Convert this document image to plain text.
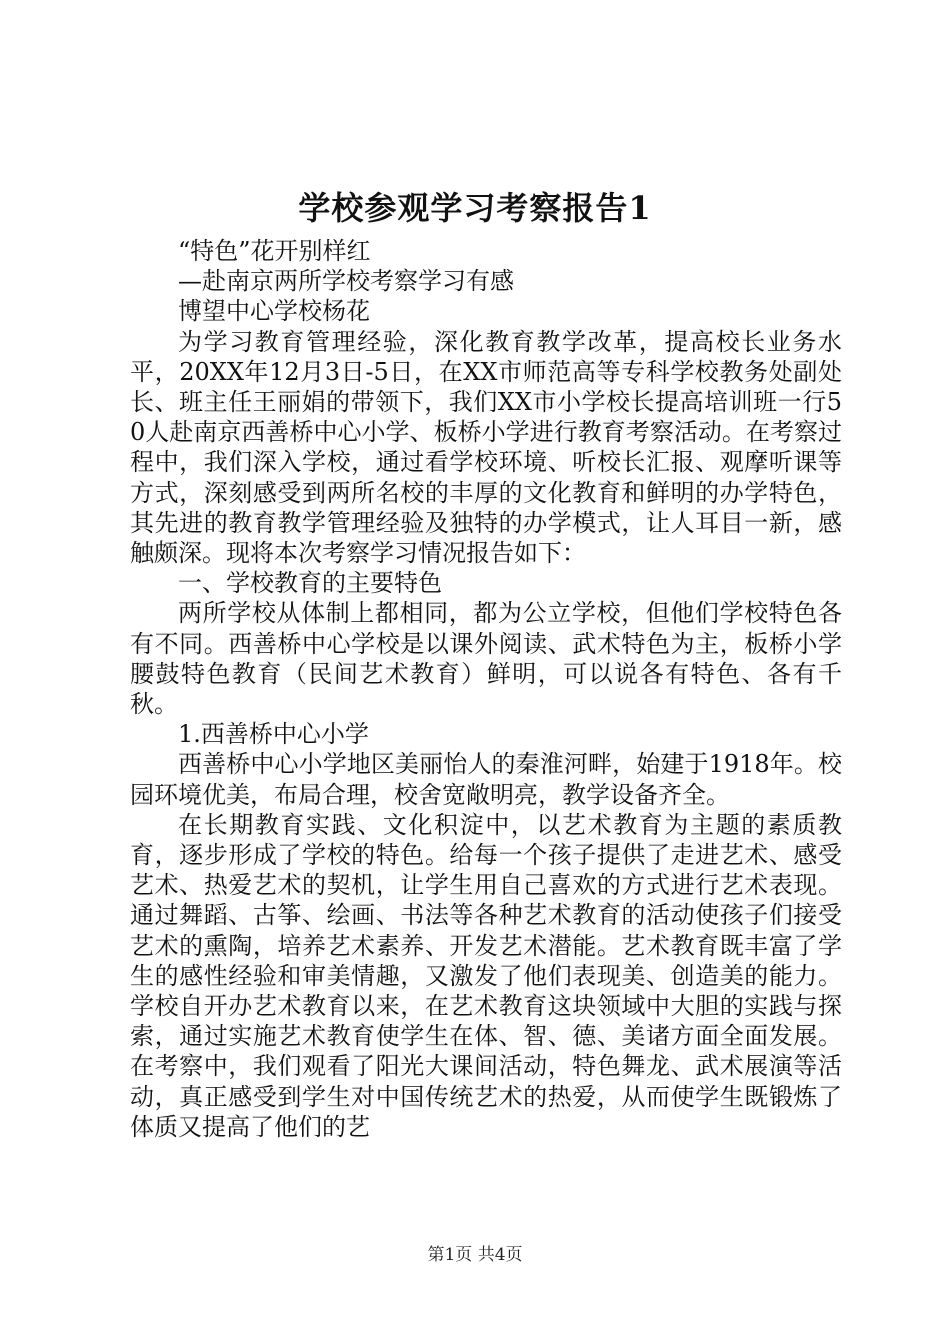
学校参观学习考察报告1

“特色”花开别样红

—赴南京两所学校考察学习有感

博望中心学校杨花

为学习教育管理经验，深化教育教学改革，提高校长业务水平，20XX年12月3日-5日，在XX市师范高等专科学校教务处副处长、班主任王丽娟的带领下，我们XX市小学校长提高培训班一行50人赴南京西善桥中心小学、板桥小学进行教育考察活动。在考察过程中，我们深入学校，通过看学校环境、听校长汇报、观摩听课等方式，深刻感受到两所名校的丰厚的文化教育和鲜明的办学特色，其先进的教育教学管理经验及独特的办学模式，让人耳目一新，感触颇深。现将本次考察学习情况报告如下：

一、学校教育的主要特色

两所学校从体制上都相同，都为公立学校，但他们学校特色各有不同。西善桥中心学校是以课外阅读、武术特色为主，板桥小学腰鼓特色教育（民间艺术教育）鲜明，可以说各有特色、各有千秋。

1.西善桥中心小学

西善桥中心小学地区美丽怡人的秦淮河畔，始建于1918年。校园环境优美，布局合理，校舍宽敞明亮，教学设备齐全。

在长期教育实践、文化积淀中，以艺术教育为主题的素质教育，逐步形成了学校的特色。给每一个孩子提供了走进艺术、感受艺术、热爱艺术的契机，让学生用自己喜欢的方式进行艺术表现。通过舞蹈、古筝、绘画、书法等各种艺术教育的活动使孩子们接受艺术的熏陶，培养艺术素养、开发艺术潜能。艺术教育既丰富了学生的感性经验和审美情趣，又激发了他们表现美、创造美的能力。学校自开办艺术教育以来，在艺术教育这块领域中大胆的实践与探索，通过实施艺术教育使学生在体、智、德、美诸方面全面发展。在考察中，我们观看了阳光大课间活动，特色舞龙、武术展演等活动，真正感受到学生对中国传统艺术的热爱，从而使学生既锻炼了体质又提高了他们的艺

第1页 共4页
